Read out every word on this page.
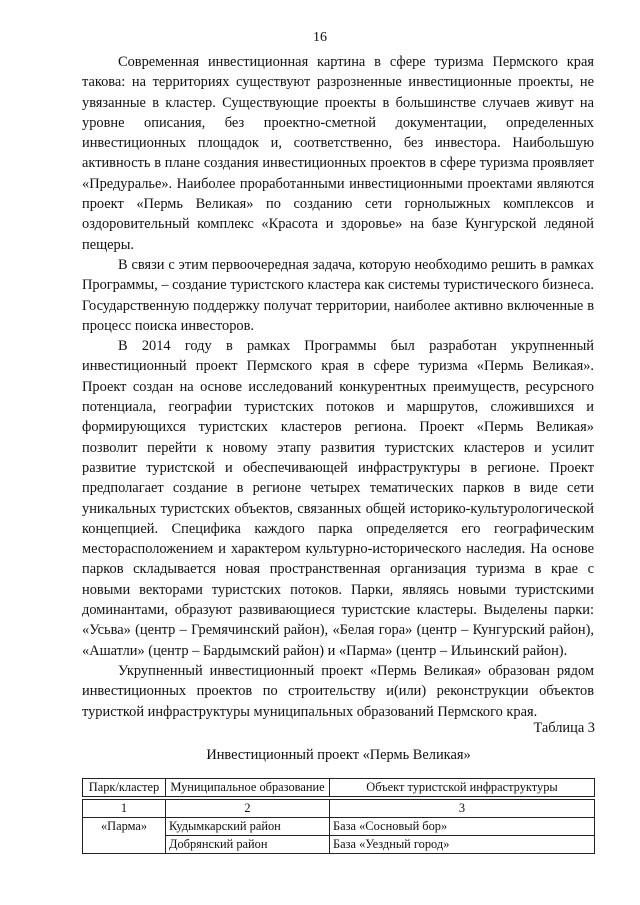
16

Современная инвестиционная картина в сфере туризма Пермского края такова: на территориях существуют разрозненные инвестиционные проекты, не увязанные в кластер. Существующие проекты в большинстве случаев живут на уровне описания, без проектно-сметной документации, определенных инвестиционных площадок и, соответственно, без инвестора. Наибольшую активность в плане создания инвестиционных проектов в сфере туризма проявляет «Предуралье». Наиболее проработанными инвестиционными проектами являются проект «Пермь Великая» по созданию сети горнолыжных комплексов и оздоровительный комплекс «Красота и здоровье» на базе Кунгурской ледяной пещеры.

В связи с этим первоочередная задача, которую необходимо решить в рамках Программы, – создание туристского кластера как системы туристического бизнеса. Государственную поддержку получат территории, наиболее активно включенные в процесс поиска инвесторов.

В 2014 году в рамках Программы был разработан укрупненный инвестиционный проект Пермского края в сфере туризма «Пермь Великая». Проект создан на основе исследований конкурентных преимуществ, ресурсного потенциала, географии туристских потоков и маршрутов, сложившихся и формирующихся туристских кластеров региона. Проект «Пермь Великая» позволит перейти к новому этапу развития туристских кластеров и усилит развитие туристской и обеспечивающей инфраструктуры в регионе. Проект предполагает создание в регионе четырех тематических парков в виде сети уникальных туристских объектов, связанных общей историко-культурологической концепцией. Специфика каждого парка определяется его географическим месторасположением и характером культурно-исторического наследия. На основе парков складывается новая пространственная организация туризма в крае с новыми векторами туристских потоков. Парки, являясь новыми туристскими доминантами, образуют развивающиеся туристские кластеры. Выделены парки: «Усьва» (центр – Гремячинский район), «Белая гора» (центр – Кунгурский район), «Ашатли» (центр – Бардымский район) и «Парма» (центр – Ильинский район).

Укрупненный инвестиционный проект «Пермь Великая» образован рядом инвестиционных проектов по строительству и(или) реконструкции объектов туристкой инфраструктуры муниципальных образований Пермского края.

Таблица 3
Инвестиционный проект «Пермь Великая»
Парк/кластер	Муниципальное образование	Объект туристской инфраструктуры

1	2	3
«Парма»	Кудымкарский район	База «Сосновый бор»
	Добрянский район	База «Уездный город»
